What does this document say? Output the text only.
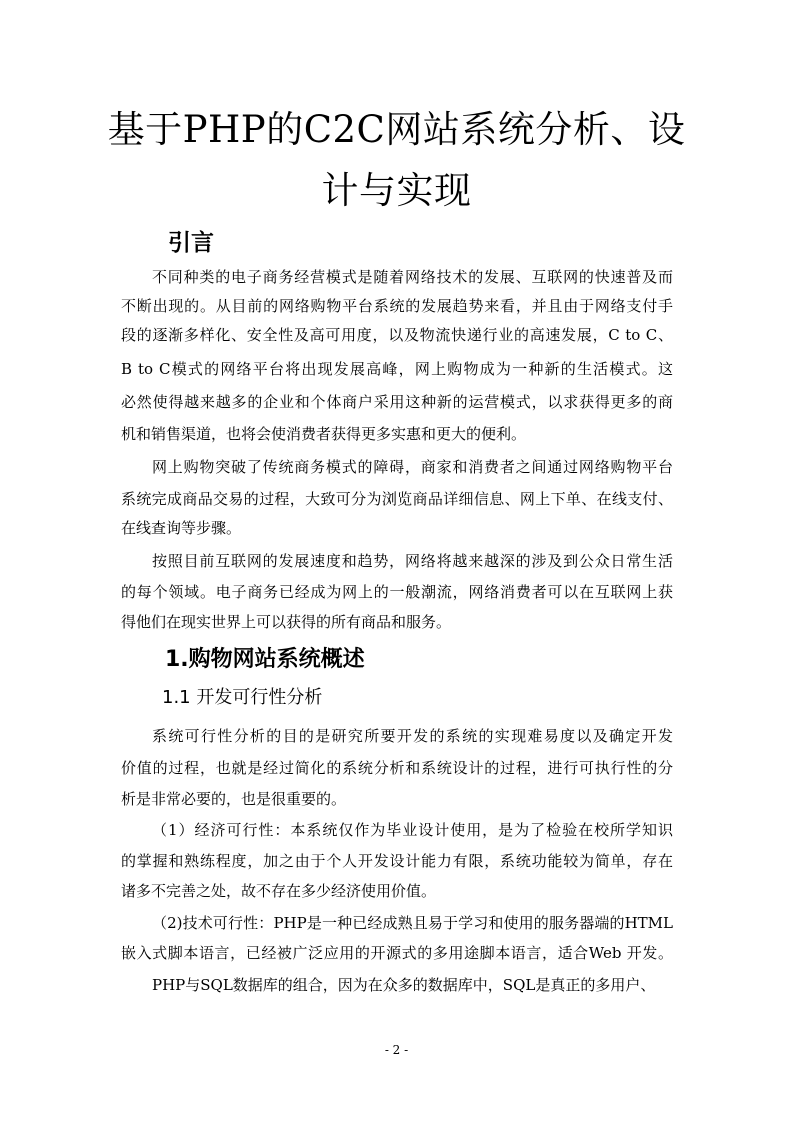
基于PHP的C2C网站系统分析、设
计与实现
引言
不同种类的电子商务经营模式是随着网络技术的发展、互联网的快速普及而
不断出现的。从目前的网络购物平台系统的发展趋势来看，并且由于网络支付手
段的逐渐多样化、安全性及高可用度，以及物流快递行业的高速发展，C to C、
B to C模式的网络平台将出现发展高峰，网上购物成为一种新的生活模式。这
必然使得越来越多的企业和个体商户采用这种新的运营模式，以求获得更多的商
机和销售渠道，也将会使消费者获得更多实惠和更大的便利。
网上购物突破了传统商务模式的障碍，商家和消费者之间通过网络购物平台
系统完成商品交易的过程，大致可分为浏览商品详细信息、网上下单、在线支付、
在线查询等步骤。
按照目前互联网的发展速度和趋势，网络将越来越深的涉及到公众日常生活
的每个领域。电子商务已经成为网上的一般潮流，网络消费者可以在互联网上获
得他们在现实世界上可以获得的所有商品和服务。
1.购物网站系统概述
1.1 开发可行性分析
系统可行性分析的目的是研究所要开发的系统的实现难易度以及确定开发
价值的过程，也就是经过简化的系统分析和系统设计的过程，进行可执行性的分
析是非常必要的，也是很重要的。
（1）经济可行性：本系统仅作为毕业设计使用，是为了检验在校所学知识
的掌握和熟练程度，加之由于个人开发设计能力有限，系统功能较为简单，存在
诸多不完善之处，故不存在多少经济使用价值。
（2)技术可行性：PHP是一种已经成熟且易于学习和使用的服务器端的HTML
嵌入式脚本语言，已经被广泛应用的开源式的多用途脚本语言，适合Web 开发。
PHP与SQL数据库的组合，因为在众多的数据库中，SQL是真正的多用户、
- 2 -
